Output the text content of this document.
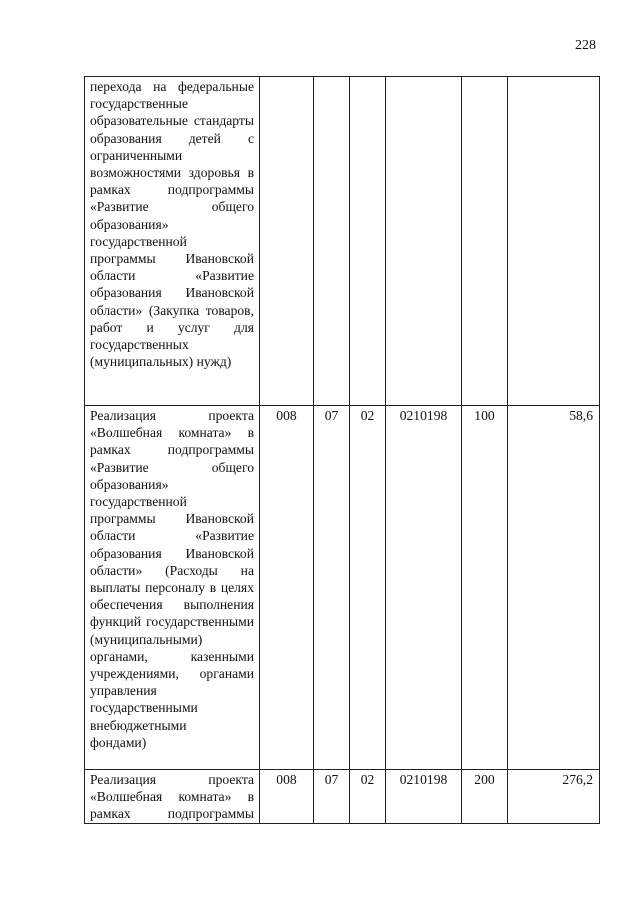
228
перехода на федеральные государственные образовательные стандарты образования детей с ограниченными возможностями здоровья в рамках подпрограммы «Развитие общего образования» государственной программы Ивановской области «Развитие образования Ивановской области» (Закупка товаров, работ и услуг для государственных
(муниципальных) нужд)						

Реализация проекта «Волшебная комната» в рамках подпрограммы «Развитие общего образования» государственной программы Ивановской области «Развитие образования Ивановской области» (Расходы на выплаты персоналу в целях обеспечения выполнения функций государственными (муниципальными) органами, казенными учреждениями, органами управления государственными внебюджетными
фондами)	008	07	02	0210198	100	58,6
Реализация проекта «Волшебная комната» в рамках подпрограммы	008	07	02	0210198	200	276,2
